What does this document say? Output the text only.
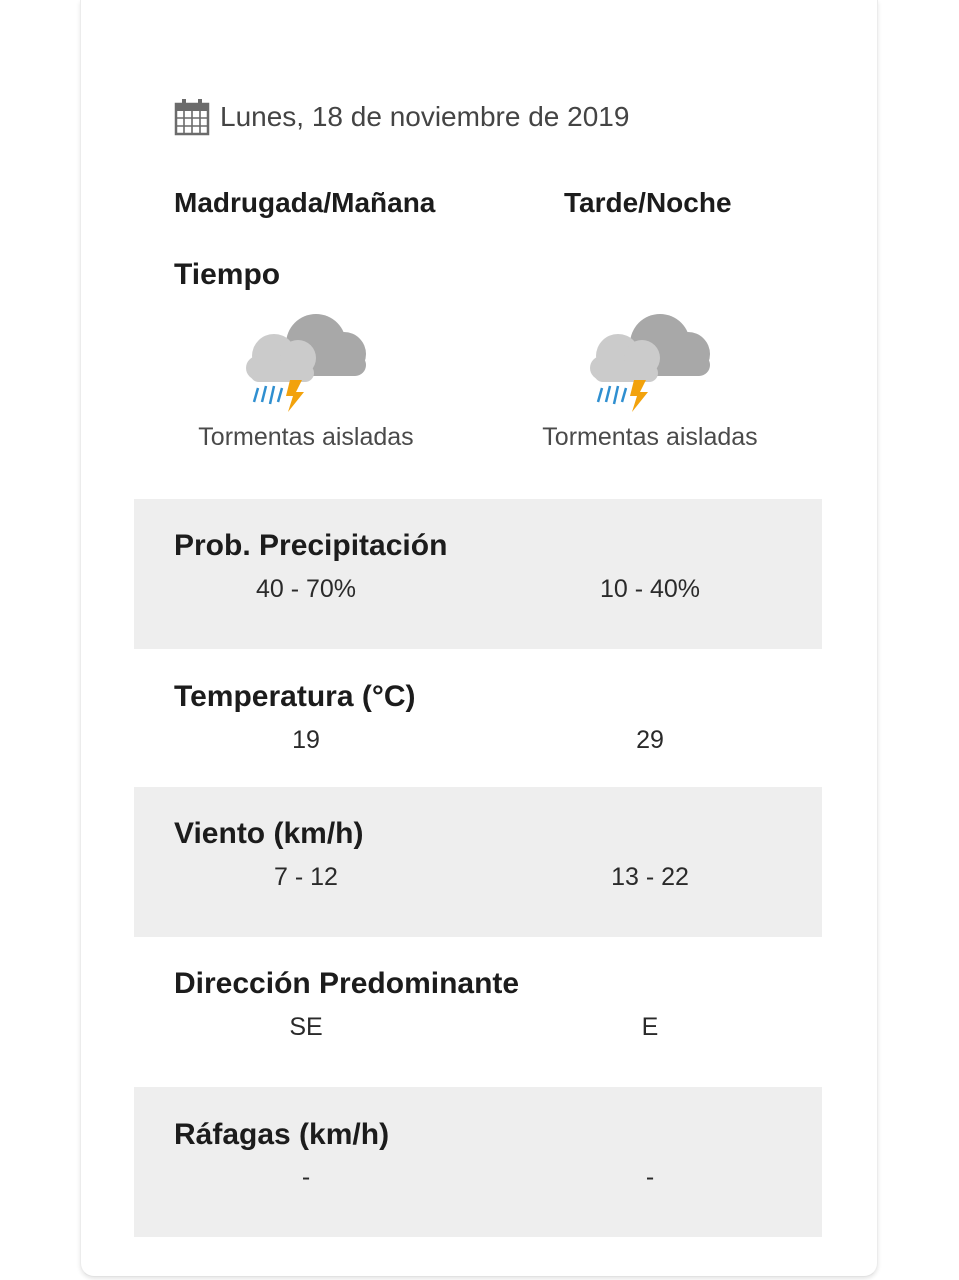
Lunes, 18 de noviembre de 2019
Madrugada/Mañana	Tarde/Noche
Tiempo
Tormentas aisladas	Tormentas aisladas
Prob. Precipitación
40 - 70%	10 - 40%
Temperatura (°C)
19	29
Viento (km/h)
7 - 12	13 - 22
Dirección Predominante
SE	E
Ráfagas (km/h)
-	-
